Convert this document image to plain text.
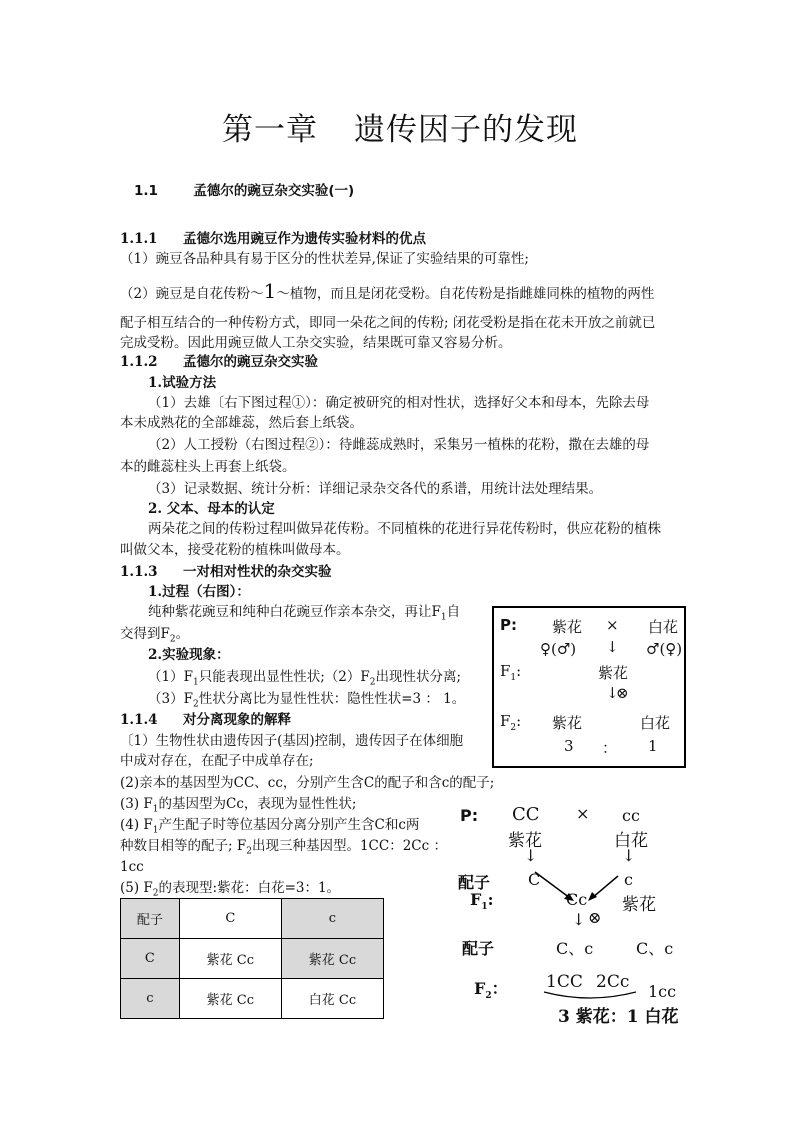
第一章 遗传因子的发现
1.1	孟德尔的豌豆杂交实验(一)
1.1.1 孟德尔选用豌豆作为遗传实验材料的优点
（1）豌豆各品种具有易于区分的性状差异,保证了实验结果的可靠性;
（2）豌豆是自花传粉～1～植物，而且是闭花受粉。自花传粉是指雌雄同株的植物的两性
配子相互结合的一种传粉方式，即同一朵花之间的传粉; 闭花受粉是指在花未开放之前就已
完成受粉。因此用豌豆做人工杂交实验，结果既可靠又容易分析。
1.1.2 孟德尔的豌豆杂交实验
1.试验方法
（1）去雄〔右下图过程①）：确定被研究的相对性状，选择好父本和母本，先除去母
本未成熟花的全部雄蕊，然后套上纸袋。
（2）人工授粉（右图过程②）：待雌蕊成熟时，采集另一植株的花粉，撒在去雄的母
本的雌蕊柱头上再套上纸袋。
（3）记录数据、统计分析：详细记录杂交各代的系谱，用统计法处理结果。
2. 父本、母本的认定
两朵花之间的传粉过程叫做异花传粉。不同植株的花进行异花传粉时，供应花粉的植株
叫做父本，接受花粉的植株叫做母本。
1.1.3 一对相对性状的杂交实验
1.过程（右图）：
纯种紫花豌豆和纯种白花豌豆作亲本杂交，再让$F_1$自
交得到$F_2$。
2.实验现象：
$(1)F_1$只能表现出显性性状$;(2)F_2$出现性状分离;
$(3)F_2$性状分离比为显性性状：隐性性状=3 ： 1。
1.1.4 对分离现象的解释
〔1）生物性状由遗传因子(基因)控制，遗传因子在体细胞
中成对存在，在配子中成单存在;
(2)亲本的基因型为CC、cc，分别产生含C的配子和含c的配子;
(3) $F_1$的基因型为Cc，表现为显性性状;
(4) $F_1$产生配子时等位基因分离分别产生含C和c两
种数目相等的配子; $F_2$出现三种基因型。1CC：2Cc ：
1cc
(5) $F_2$的表现型:紫花：白花=3：1。
P: 紫花 × 白花
♀(♂) ↓ ♂(♀)
$F_1$:	紫花
↓
⊗
$F_2$: 紫花	白花
3 ： 1
配子	C	c
C	紫花 Cc	紫花 Cc
c	紫花 Cc	白花 Cc
P: CC × cc
紫花	白花
↓	↓
配子 C	c
$F_1$:	Cc 紫花
↓ ⊗
配子	C、c	C、c
$F_2$： 1CC 2Cc 1cc
3 紫花：1 白花
